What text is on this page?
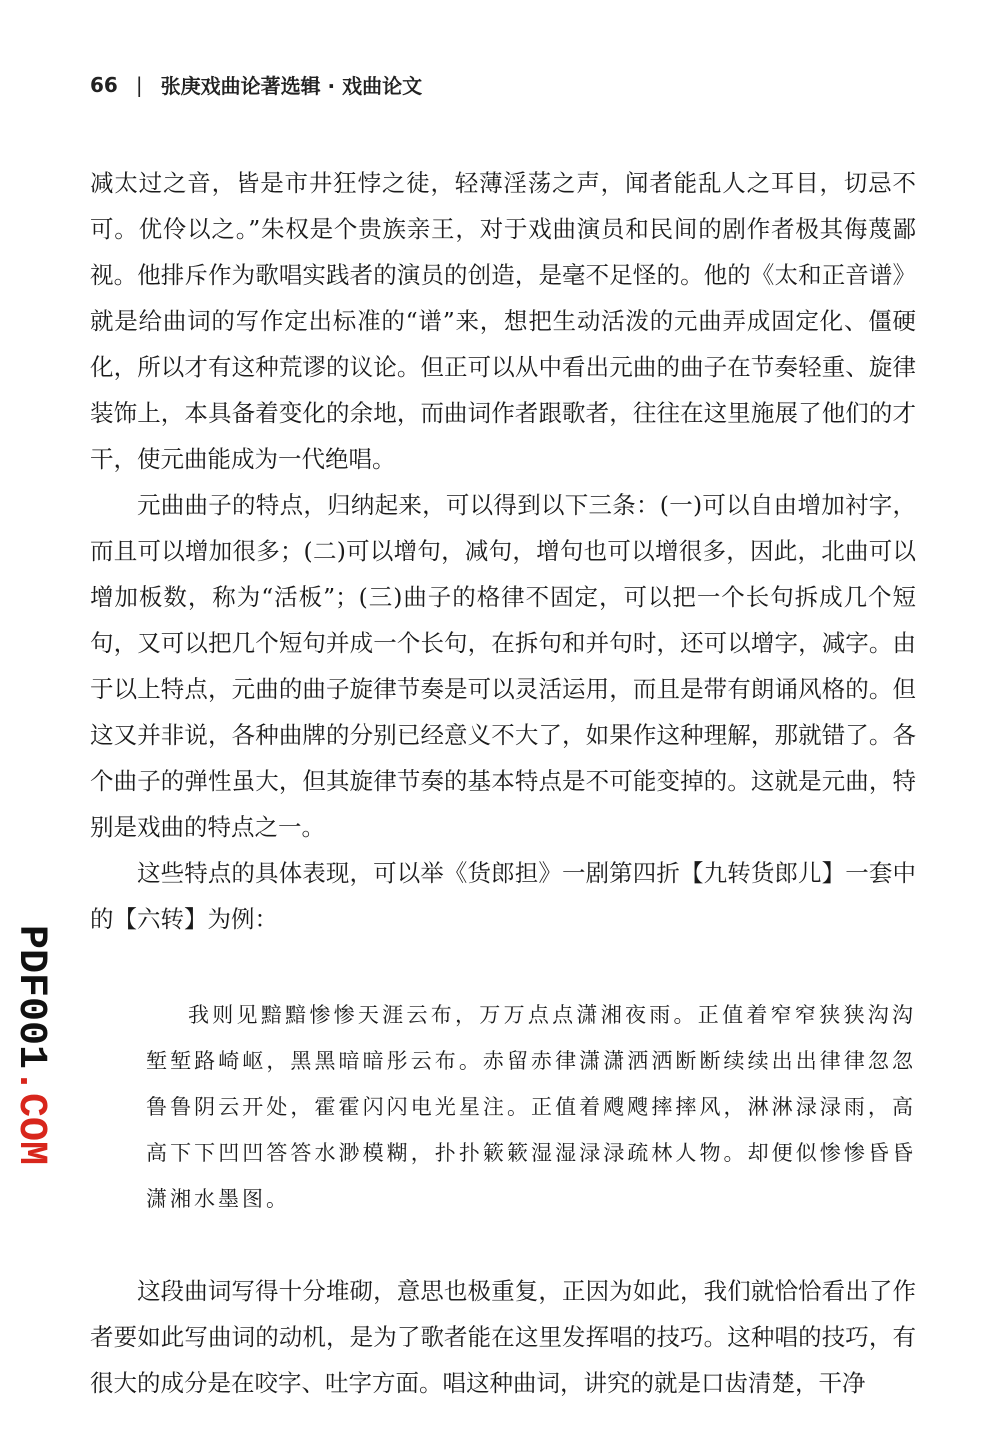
66 | 张庚戏曲论著选辑 · 戏曲论文

减太过之音，皆是市井狂悖之徒，轻薄淫荡之声，闻者能乱人之耳目，切忌不可。优伶以之。”朱权是个贵族亲王，对于戏曲演员和民间的剧作者极其侮蔑鄙视。他排斥作为歌唱实践者的演员的创造，是毫不足怪的。他的《太和正音谱》就是给曲词的写作定出标准的“谱”来，想把生动活泼的元曲弄成固定化、僵硬化，所以才有这种荒谬的议论。但正可以从中看出元曲的曲子在节奏轻重、旋律装饰上，本具备着变化的余地，而曲词作者跟歌者，往往在这里施展了他们的才干，使元曲能成为一代绝唱。

元曲曲子的特点，归纳起来，可以得到以下三条：(一)可以自由增加衬字，而且可以增加很多；(二)可以增句，减句，增句也可以增很多，因此，北曲可以增加板数，称为“活板”；(三)曲子的格律不固定，可以把一个长句拆成几个短句，又可以把几个短句并成一个长句，在拆句和并句时，还可以增字，减字。由于以上特点，元曲的曲子旋律节奏是可以灵活运用，而且是带有朗诵风格的。但这又并非说，各种曲牌的分别已经意义不大了，如果作这种理解，那就错了。各个曲子的弹性虽大，但其旋律节奏的基本特点是不可能变掉的。这就是元曲，特别是戏曲的特点之一。

这些特点的具体表现，可以举《货郎担》一剧第四折【九转货郎儿】一套中的【六转】为例：

我则见黯黯惨惨天涯云布，万万点点潇湘夜雨。正值着窄窄狭狭沟沟堑堑路崎岖，黑黑暗暗彤云布。赤留赤律潇潇洒洒断断续续出出律律忽忽鲁鲁阴云开处，霍霍闪闪电光星注。正值着飕飕摔摔风，淋淋渌渌雨，高高下下凹凹答答水渺模糊，扑扑簌簌湿湿渌渌疏林人物。却便似惨惨昏昏潇湘水墨图。

这段曲词写得十分堆砌，意思也极重复，正因为如此，我们就恰恰看出了作者要如此写曲词的动机，是为了歌者能在这里发挥唱的技巧。这种唱的技巧，有很大的成分是在咬字、吐字方面。唱这种曲词，讲究的就是口齿清楚，干净

PDF001.COM
